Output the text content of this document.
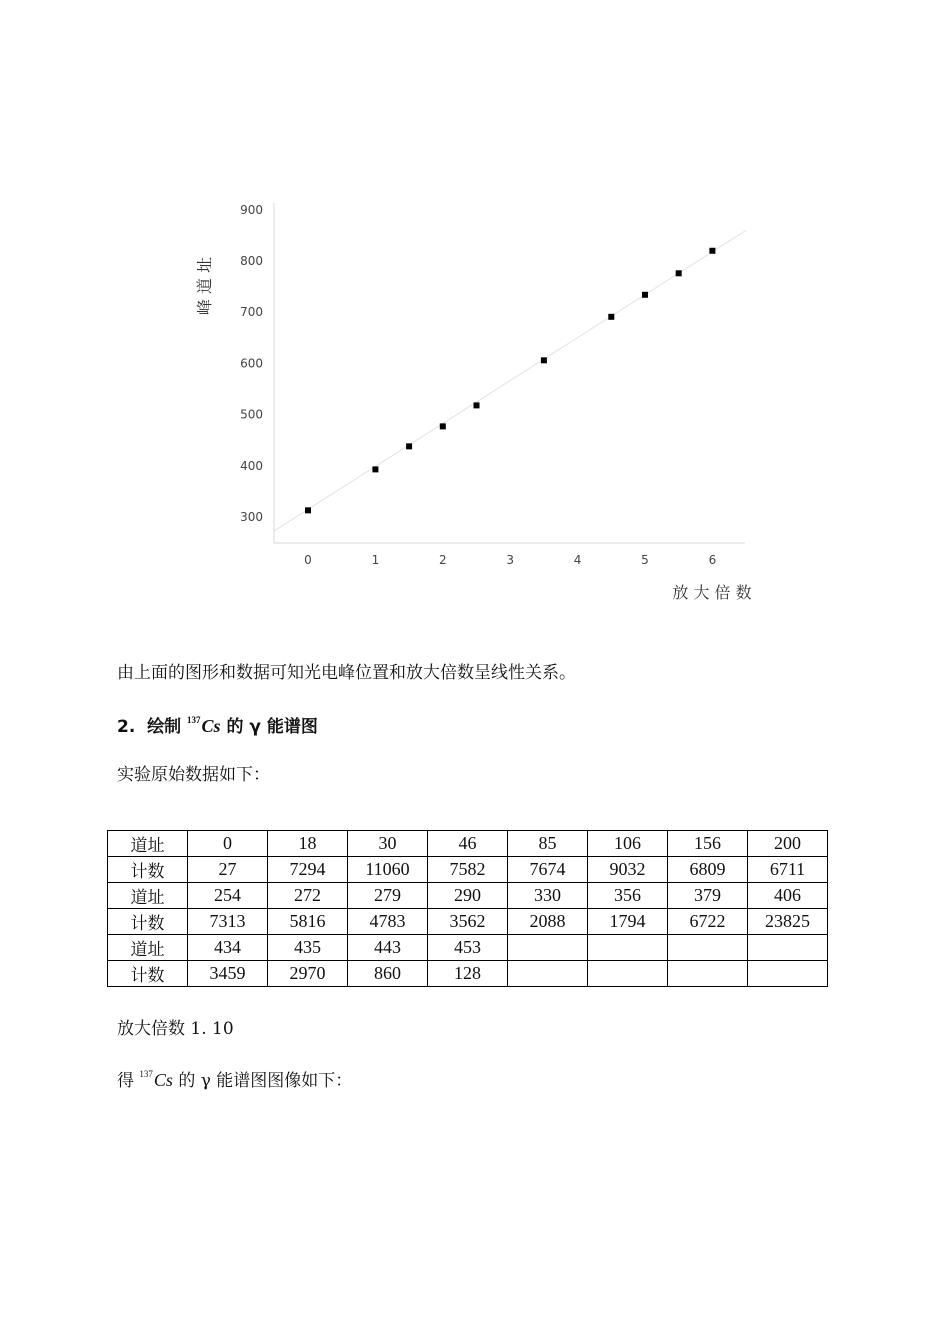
300
400
500
600
700
800
900
0	1	2	3	4	5	6
峰 道 址
放 大 倍 数
由上面的图形和数据可知光电峰位置和放大倍数呈线性关系。
2.  绘制 $^{137}$Cs 的 γ 能谱图
实验原始数据如下：
道址	0	18	30	46	85	106	156	200
计数	27	7294	11060	7582	7674	9032	6809	6711
道址	254	272	279	290	330	356	379	406
计数	7313	5816	4783	3562	2088	1794	6722	23825
道址	434	435	443	453				
计数	3459	2970	860	128				
放大倍数 1. 10
得 $^{137}$Cs 的 γ 能谱图图像如下：
